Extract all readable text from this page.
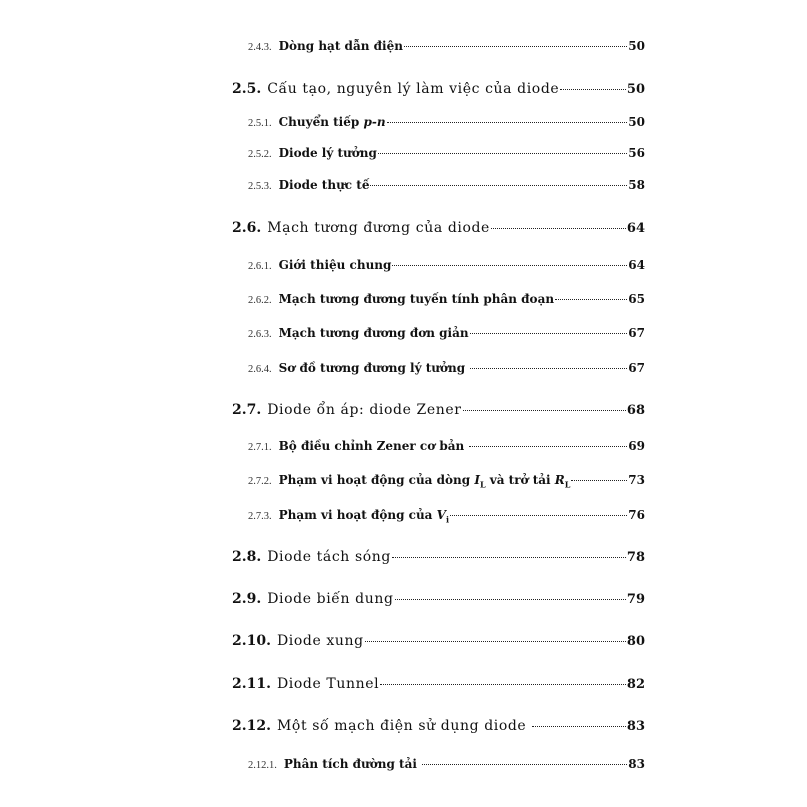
2.4.3. Dòng hạt dẫn điện	50
2.5. Cấu tạo, nguyên lý làm việc của diode	50
2.5.1. Chuyển tiếp p-n	50
2.5.2. Diode lý tưởng	56
2.5.3. Diode thực tế	58
2.6. Mạch tương đương của diode	64
2.6.1. Giới thiệu chung	64
2.6.2. Mạch tương đương tuyến tính phân đoạn	65
2.6.3. Mạch tương đương đơn giản	67
2.6.4. Sơ đồ tương đương lý tưởng	67
2.7. Diode ổn áp: diode Zener	68
2.7.1. Bộ điều chỉnh Zener cơ bản	69
2.7.2. Phạm vi hoạt động của dòng $I_L$ và trở tải $R_L$	73
2.7.3. Phạm vi hoạt động của $V_i$	76
2.8. Diode tách sóng	78
2.9. Diode biến dung	79
2.10. Diode xung	80
2.11. Diode Tunnel	82
2.12. Một số mạch điện sử dụng diode	83
2.12.1. Phân tích đường tải	83
